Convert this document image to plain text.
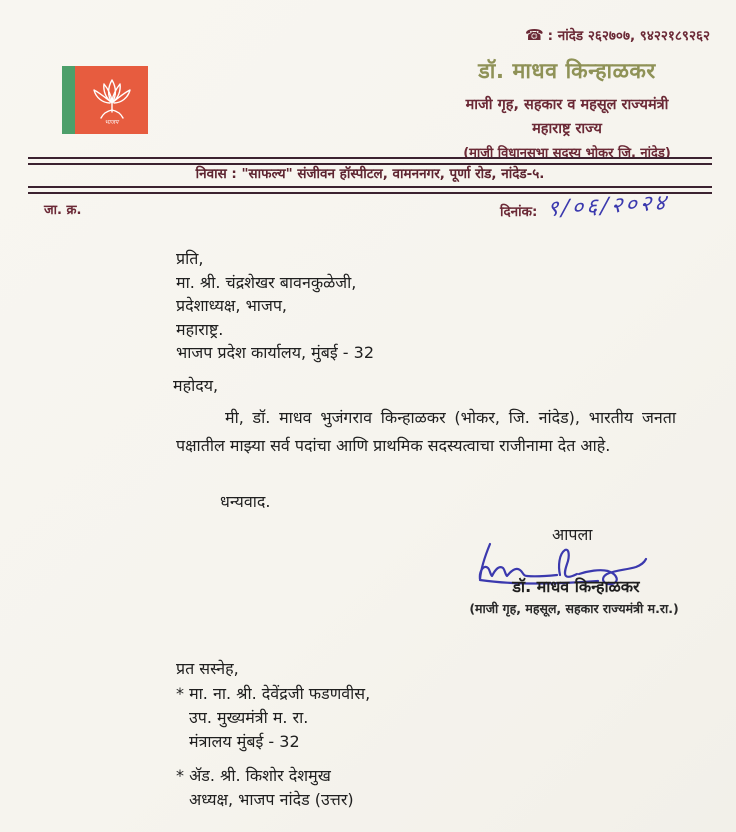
☎ : नांदेड २६२७०७, ९४२२१८९२६२
भाजप
डॉ. माधव किन्हाळकर
माजी गृह, सहकार व महसूल राज्यमंत्री
महाराष्ट्र राज्य
(माजी विधानसभा सदस्य भोकर जि. नांदेड)
निवास : "साफल्य" संजीवन हॉस्पीटल, वामननगर, पूर्णा रोड, नांदेड-५.
जा. क्र.	दिनांक: ९/०६/२०२४
प्रति,
मा. श्री. चंद्रशेखर बावनकुळेजी,
प्रदेशाध्यक्ष, भाजप,
महाराष्ट्र.
भाजप प्रदेश कार्यालय, मुंबई - 32
महोदय,
मी, डॉ. माधव भुजंगराव किन्हाळकर (भोकर, जि. नांदेड), भारतीय जनता पक्षातील माझ्या सर्व पदांचा आणि प्राथमिक सदस्यत्वाचा राजीनामा देत आहे.
धन्यवाद.
आपला
डॉ. माधव किन्हाळकर
(माजी गृह, महसूल, सहकार राज्यमंत्री म.रा.)
प्रत सस्नेह,
* मा. ना. श्री. देवेंद्रजी फडणवीस,
उप. मुख्यमंत्री म. रा.
मंत्रालय मुंबई - 32
* ॲड. श्री. किशोर देशमुख
अध्यक्ष, भाजप नांदेड (उत्तर)
